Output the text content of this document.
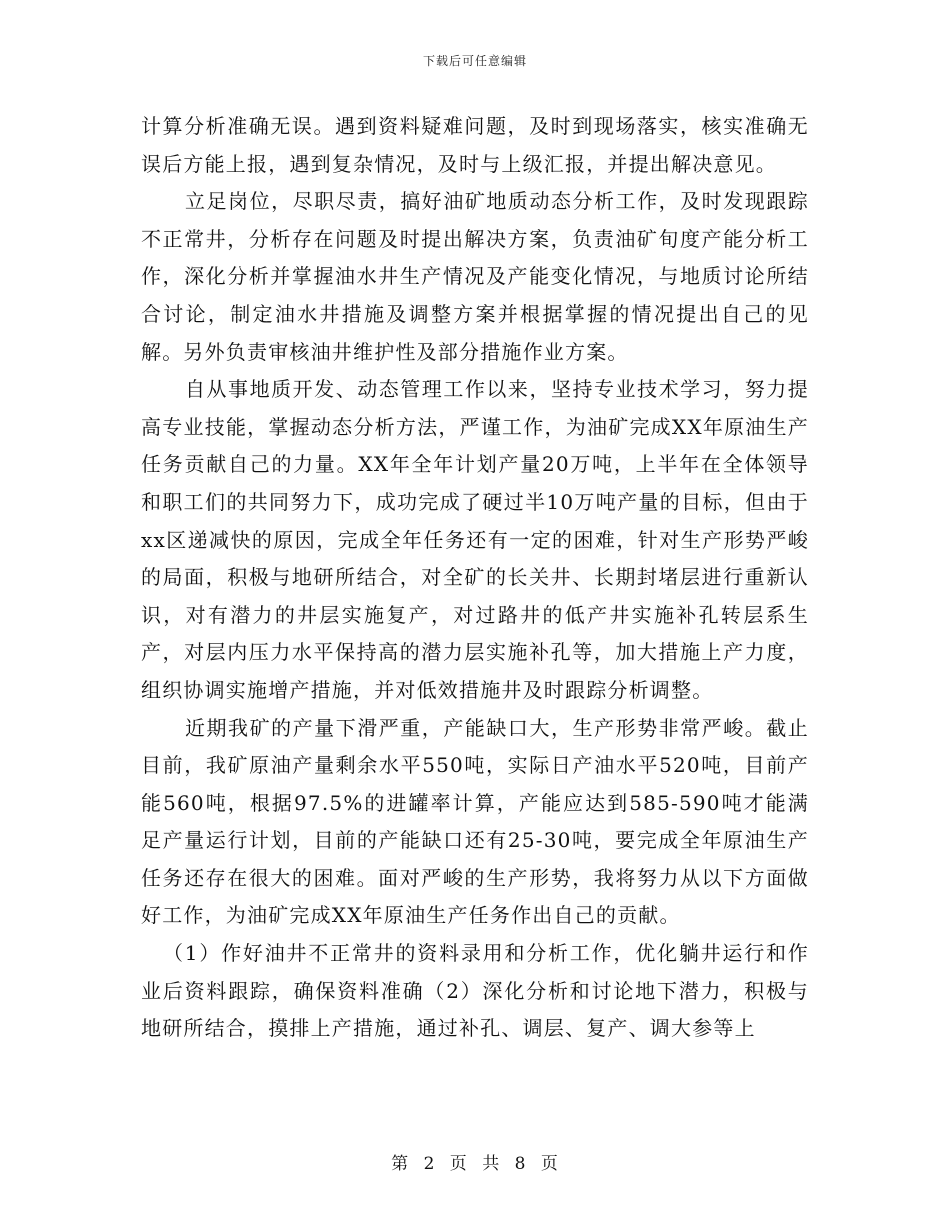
下载后可任意编辑

计算分析准确无误。遇到资料疑难问题，及时到现场落实，核实准确无误后方能上报，遇到复杂情况，及时与上级汇报，并提出解决意见。

立足岗位，尽职尽责，搞好油矿地质动态分析工作，及时发现跟踪不正常井，分析存在问题及时提出解决方案，负责油矿旬度产能分析工作，深化分析并掌握油水井生产情况及产能变化情况，与地质讨论所结合讨论，制定油水井措施及调整方案并根据掌握的情况提出自己的见解。另外负责审核油井维护性及部分措施作业方案。

自从事地质开发、动态管理工作以来，坚持专业技术学习，努力提高专业技能，掌握动态分析方法，严谨工作，为油矿完成XX年原油生产任务贡献自己的力量。XX年全年计划产量20万吨，上半年在全体领导和职工们的共同努力下，成功完成了硬过半10万吨产量的目标，但由于xx区递减快的原因，完成全年任务还有一定的困难，针对生产形势严峻的局面，积极与地研所结合，对全矿的长关井、长期封堵层进行重新认识，对有潜力的井层实施复产，对过路井的低产井实施补孔转层系生产，对层内压力水平保持高的潜力层实施补孔等，加大措施上产力度，组织协调实施增产措施，并对低效措施井及时跟踪分析调整。

近期我矿的产量下滑严重，产能缺口大，生产形势非常严峻。截止目前，我矿原油产量剩余水平550吨，实际日产油水平520吨，目前产能560吨，根据97.5%的进罐率计算，产能应达到585-590吨才能满足产量运行计划，目前的产能缺口还有25-30吨，要完成全年原油生产任务还存在很大的困难。面对严峻的生产形势，我将努力从以下方面做好工作，为油矿完成XX年原油生产任务作出自己的贡献。

（1）作好油井不正常井的资料录用和分析工作，优化躺井运行和作业后资料跟踪，确保资料准确（2）深化分析和讨论地下潜力，积极与地研所结合，摸排上产措施，通过补孔、调层、复产、调大参等上

第 2 页 共 8 页
